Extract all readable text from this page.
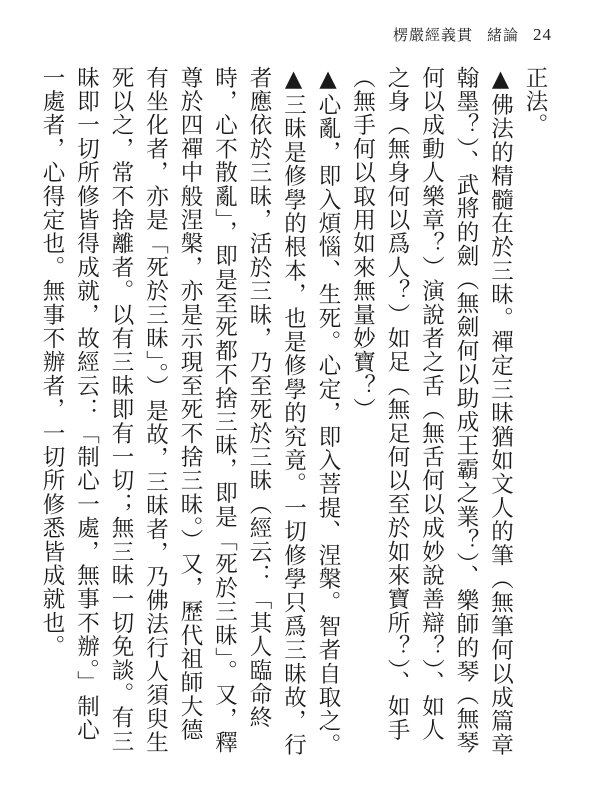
楞嚴經義貫 緒論 24

正法。

▲佛法的精髓在於三昧。禪定三昧猶如文人的筆（無筆何以成篇章翰墨？）、武將的劍（無劍何以助成王霸之業？）、樂師的琴（無琴何以成動人樂章？）演說者之舌（無舌何以成妙說善辯？）、如人之身（無身何以爲人？）如足（無足何以至於如來寶所？）、如手（無手何以取用如來無量妙寶？）

▲心亂，即入煩惱、生死。心定，即入菩提、涅槃。智者自取之。

▲三昧是修學的根本，也是修學的究竟。一切修學只爲三昧故，行者應依於三昧，活於三昧，乃至死於三昧（經云：「其人臨命終時，心不散亂」，即是至死都不捨三昧，即是「死於三昧」。又，釋尊於四禪中般涅槃，亦是示現至死不捨三昧。）又，歷代祖師大德有坐化者，亦是「死於三昧」。）是故，三昧者，乃佛法行人須臾生死以之，常不捨離者。以有三昧即有一切；無三昧一切免談。有三昧即一切所修皆得成就，故經云：「制心一處，無事不辦。」制心一處者，心得定也。無事不辦者，一切所修悉皆成就也。
